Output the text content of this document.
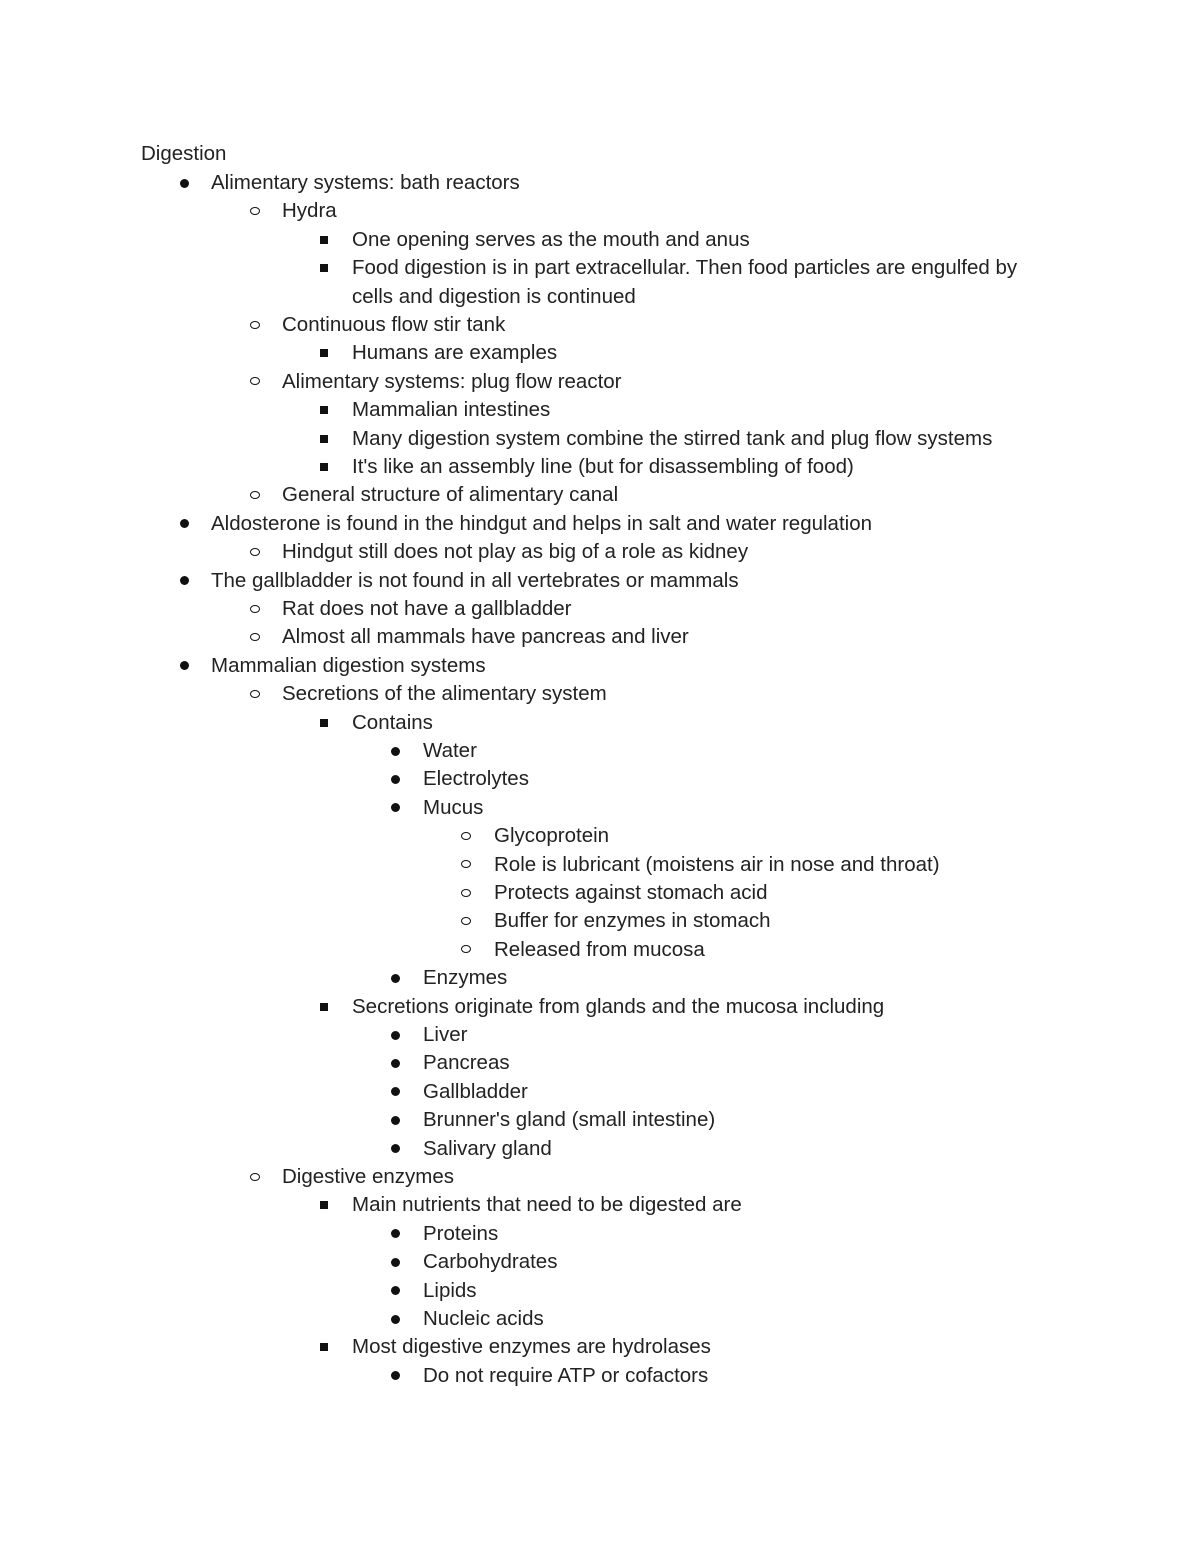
Digestion
Alimentary systems: bath reactors
Hydra
One opening serves as the mouth and anus
Food digestion is in part extracellular. Then food particles are engulfed by
cells and digestion is continued
Continuous flow stir tank
Humans are examples
Alimentary systems: plug flow reactor
Mammalian intestines
Many digestion system combine the stirred tank and plug flow systems
It's like an assembly line (but for disassembling of food)
General structure of alimentary canal
Aldosterone is found in the hindgut and helps in salt and water regulation
Hindgut still does not play as big of a role as kidney
The gallbladder is not found in all vertebrates or mammals
Rat does not have a gallbladder
Almost all mammals have pancreas and liver
Mammalian digestion systems
Secretions of the alimentary system
Contains
Water
Electrolytes
Mucus
Glycoprotein
Role is lubricant (moistens air in nose and throat)
Protects against stomach acid
Buffer for enzymes in stomach
Released from mucosa
Enzymes
Secretions originate from glands and the mucosa including
Liver
Pancreas
Gallbladder
Brunner's gland (small intestine)
Salivary gland
Digestive enzymes
Main nutrients that need to be digested are
Proteins
Carbohydrates
Lipids
Nucleic acids
Most digestive enzymes are hydrolases
Do not require ATP or cofactors
